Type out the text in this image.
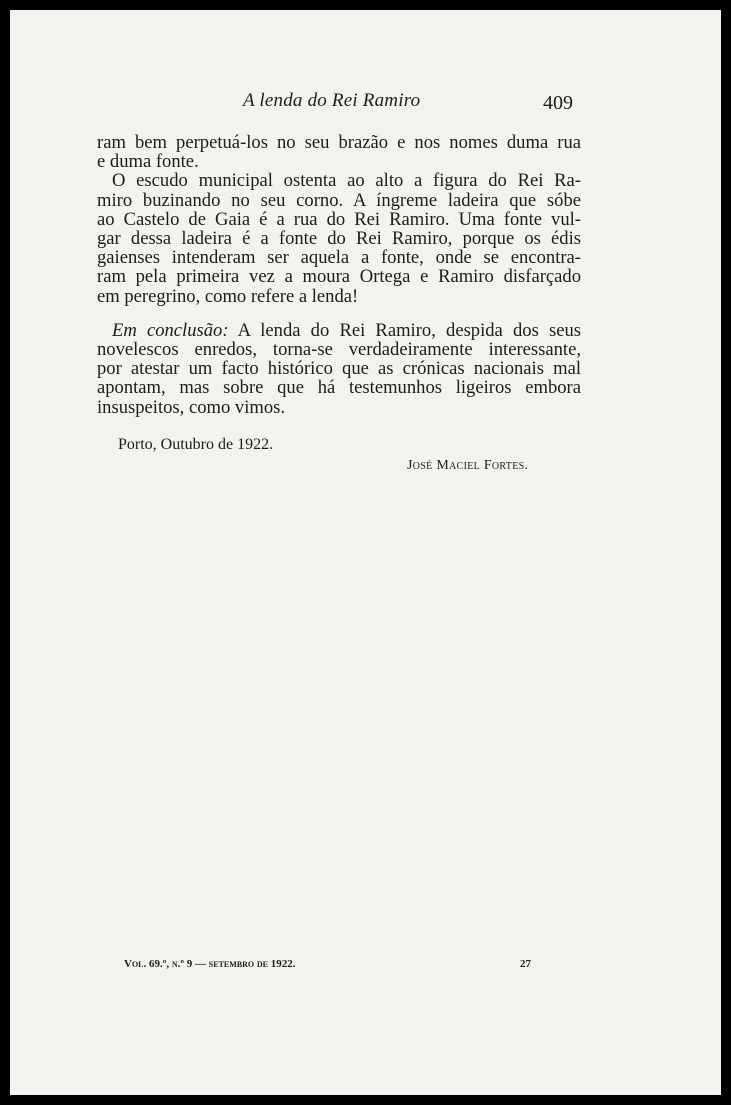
A lenda do Rei Ramiro	409
ram bem perpetuá-los no seu brazão e nos nomes duma rua
e duma fonte.
O escudo municipal ostenta ao alto a figura do Rei Ra-
miro buzinando no seu corno. A íngreme ladeira que sóbe
ao Castelo de Gaia é a rua do Rei Ramiro. Uma fonte vul-
gar dessa ladeira é a fonte do Rei Ramiro, porque os édis
gaienses intenderam ser aquela a fonte, onde se encontra-
ram pela primeira vez a moura Ortega e Ramiro disfarçado
em peregrino, como refere a lenda!
Em conclusão: A lenda do Rei Ramiro, despida dos seus
novelescos enredos, torna-se verdadeiramente interessante,
por atestar um facto histórico que as crónicas nacionais mal
apontam, mas sobre que há testemunhos ligeiros embora
insuspeitos, como vimos.
Porto, Outubro de 1922.
José Maciel Fortes.
Vol. 69.º, n.º 9 — setembro de 1922.	27
